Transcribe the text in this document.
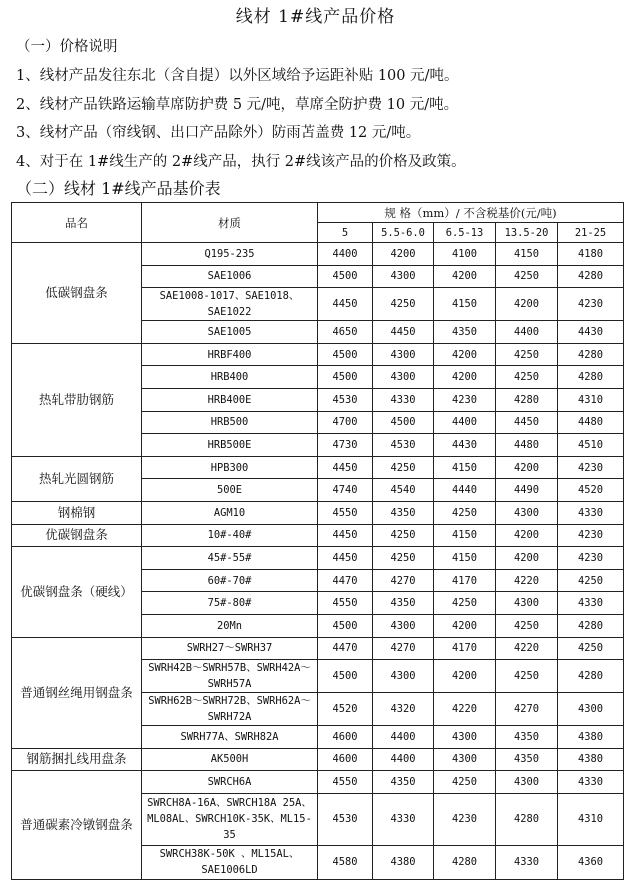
线材 1#线产品价格
（一）价格说明
1、线材产品发往东北（含自提）以外区域给予运距补贴 100 元/吨。
2、线材产品铁路运输草席防护费 5 元/吨，草席全防护费 10 元/吨。
3、线材产品（帘线钢、出口产品除外）防雨苫盖费 12 元/吨。
4、对于在 1#线生产的 2#线产品，执行 2#线该产品的价格及政策。
（二）线材 1#线产品基价表
品名	材质	规 格（mm）/ 不含税基价(元/吨)				
		5	5.5-6.0	6.5-13	13.5-20	21-25
低碳钢盘条	Q195-235	4400	4200	4100	4150	4180
	SAE1006	4500	4300	4200	4250	4280
	SAE1008-1017、SAE1018、SAE1022	4450	4250	4150	4200	4230
	SAE1005	4650	4450	4350	4400	4430
热轧带肋钢筋	HRBF400	4500	4300	4200	4250	4280
	HRB400	4500	4300	4200	4250	4280
	HRB400E	4530	4330	4230	4280	4310
	HRB500	4700	4500	4400	4450	4480
	HRB500E	4730	4530	4430	4480	4510
热轧光圆钢筋	HPB300	4450	4250	4150	4200	4230
	500E	4740	4540	4440	4490	4520
钢棉钢	AGM10	4550	4350	4250	4300	4330
优碳钢盘条	10#-40#	4450	4250	4150	4200	4230
优碳钢盘条（硬线）	45#-55#	4450	4250	4150	4200	4230
	60#-70#	4470	4270	4170	4220	4250
	75#-80#	4550	4350	4250	4300	4330
	20Mn	4500	4300	4200	4250	4280
普通钢丝绳用钢盘条	SWRH27～SWRH37	4470	4270	4170	4220	4250
	SWRH42B～SWRH57B、SWRH42A～SWRH57A	4500	4300	4200	4250	4280
	SWRH62B～SWRH72B、SWRH62A～SWRH72A	4520	4320	4220	4270	4300
	SWRH77A、SWRH82A	4600	4400	4300	4350	4380
钢筋捆扎线用盘条	AK500H	4600	4400	4300	4350	4380
普通碳素冷镦钢盘条	SWRCH6A	4550	4350	4250	4300	4330
	SWRCH8A-16A、SWRCH18A 25A、ML08AL、SWRCH10K-35K、ML15-35	4530	4330	4230	4280	4310
	SWRCH38K-50K 、ML15AL、SAE1006LD	4580	4380	4280	4330	4360
